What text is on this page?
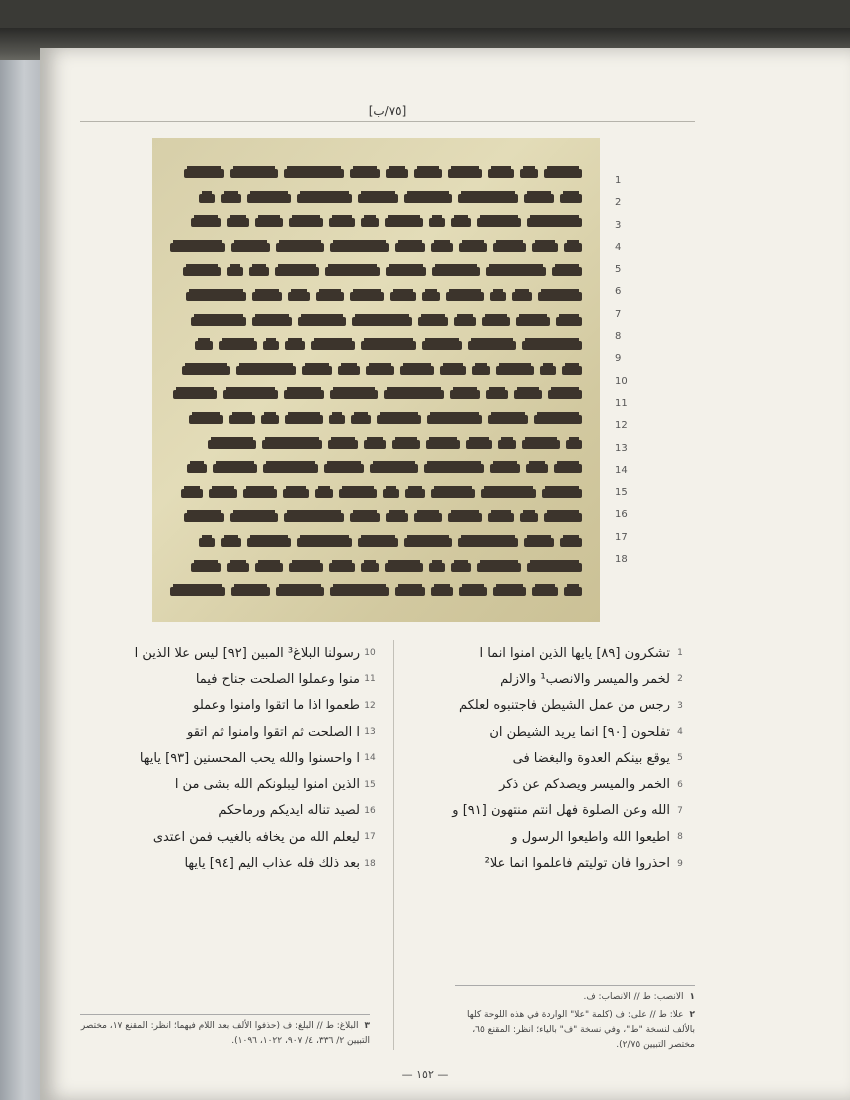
[٧٥/ب]
1
2
3
4
5
6
7
8
9
10
11
12
13
14
15
16
17
18
1
تشكرون [٨٩] يايها الذين امنوا انما ا
2
لخمر والميسر والانصب¹ والازلم
3
رجس من عمل الشيطن فاجتنبوه لعلكم
4
تفلحون [٩٠] انما يريد الشيطن ان
5
يوقع بينكم العدوة والبغضا فى
6
الخمر والميسر ويصدكم عن ذكر
7
الله وعن الصلوة فهل انتم منتهون [٩١] و
8
اطيعوا الله واطيعوا الرسول و
9
احذروا فان توليتم فاعلموا انما علا²
10
رسولنا البلاغ³ المبين [٩٢] ليس علا الذين ا
11
منوا وعملوا الصلحت جناح فيما
12
طعموا اذا ما اتقوا وامنوا وعملو
13
ا الصلحت ثم اتقوا وامنوا ثم اتقو
14
ا واحسنوا والله يحب المحسنين [٩٣] يايها
15
الذين امنوا ليبلونكم الله بشى من ا
16
لصيد تناله ايديكم ورماحكم
17
ليعلم الله من يخافه بالغيب فمن اعتدى
18
بعد ذلك فله عذاب اليم [٩٤] يايها

١الانصب: ط // الانصاب: ف.

٢علا: ط // على: ف (كلمة "علا" الواردة في هذه اللوحة كلها بالألف لنسخة "ط"، وفي نسخة "ف" بالياء؛ انظر: المقنع ٦٥، مختصر التبيين ٢/٧٥).

٣البلاغ: ط // البلغ: ف (حذفوا الألف بعد اللام فيهما؛ انظر: المقنع ١٧، مختصر التبيين ٢/ ٣٣٦، ٤/ ٩٠٧، ١٠٢٢، ١٠٩٦).

— ١٥٢ —
